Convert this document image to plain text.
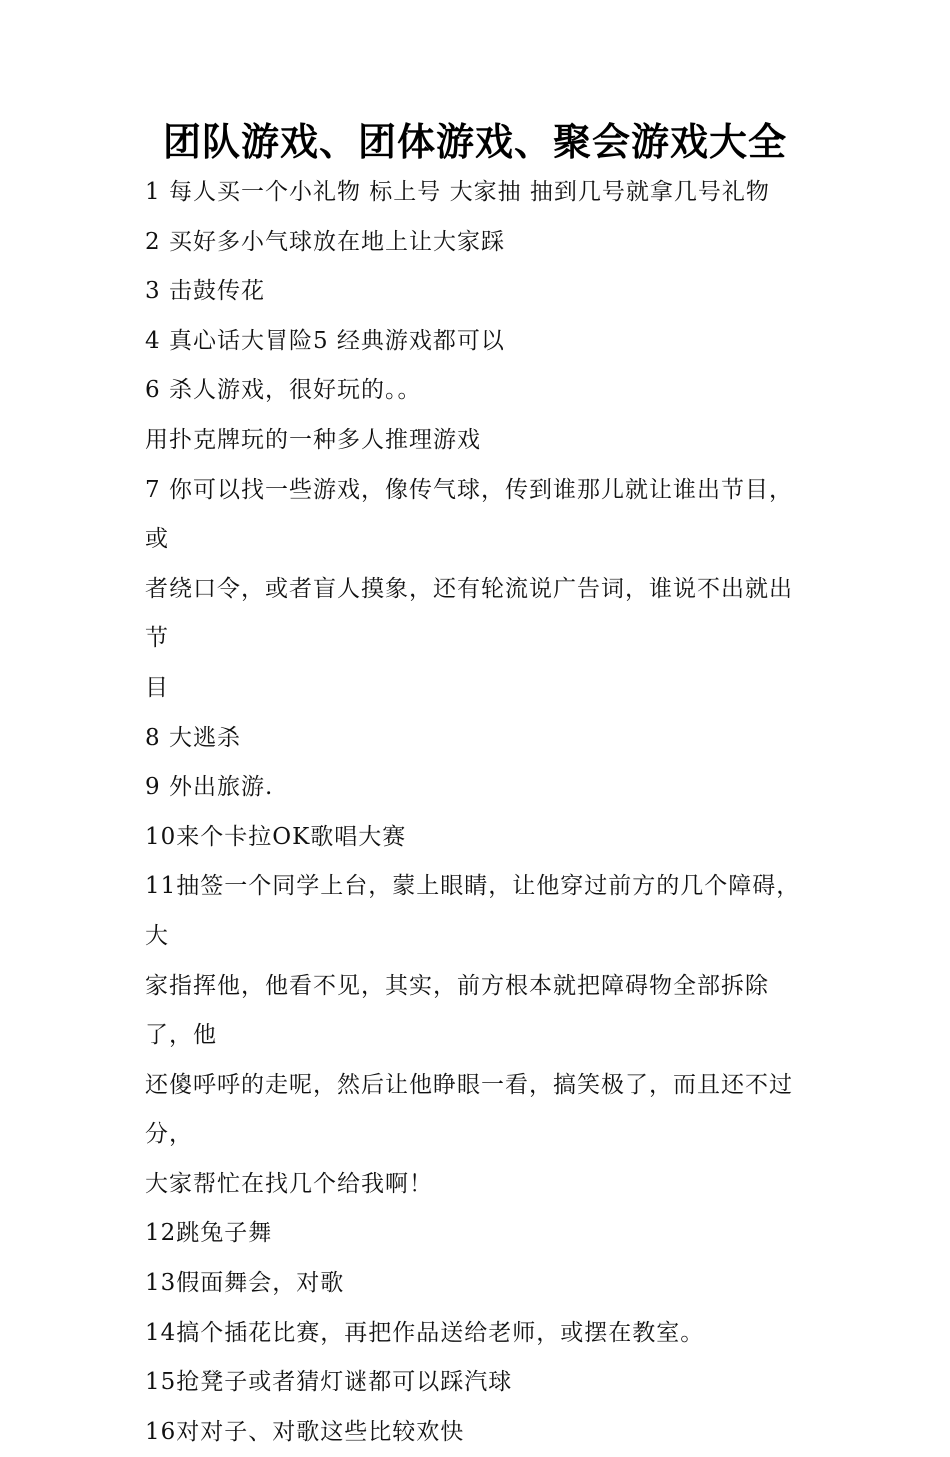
团队游戏、团体游戏、聚会游戏大全
1 每人买一个小礼物 标上号 大家抽 抽到几号就拿几号礼物
2 买好多小气球放在地上让大家踩
3 击鼓传花
4 真心话大冒险5 经典游戏都可以
6 杀人游戏，很好玩的。。
用扑克牌玩的一种多人推理游戏
7 你可以找一些游戏，像传气球，传到谁那儿就让谁出节目，或
者绕口令，或者盲人摸象，还有轮流说广告词，谁说不出就出节
目
8 大逃杀
9 外出旅游.
10来个卡拉OK歌唱大赛
11抽签一个同学上台，蒙上眼睛，让他穿过前方的几个障碍，大
家指挥他，他看不见，其实，前方根本就把障碍物全部拆除了，他
还傻呼呼的走呢，然后让他睁眼一看，搞笑极了，而且还不过分，
大家帮忙在找几个给我啊！
12跳兔子舞
13假面舞会，对歌
14搞个插花比赛，再把作品送给老师，或摆在教室。
15抢凳子或者猜灯谜都可以踩汽球
16对对子、对歌这些比较欢快
